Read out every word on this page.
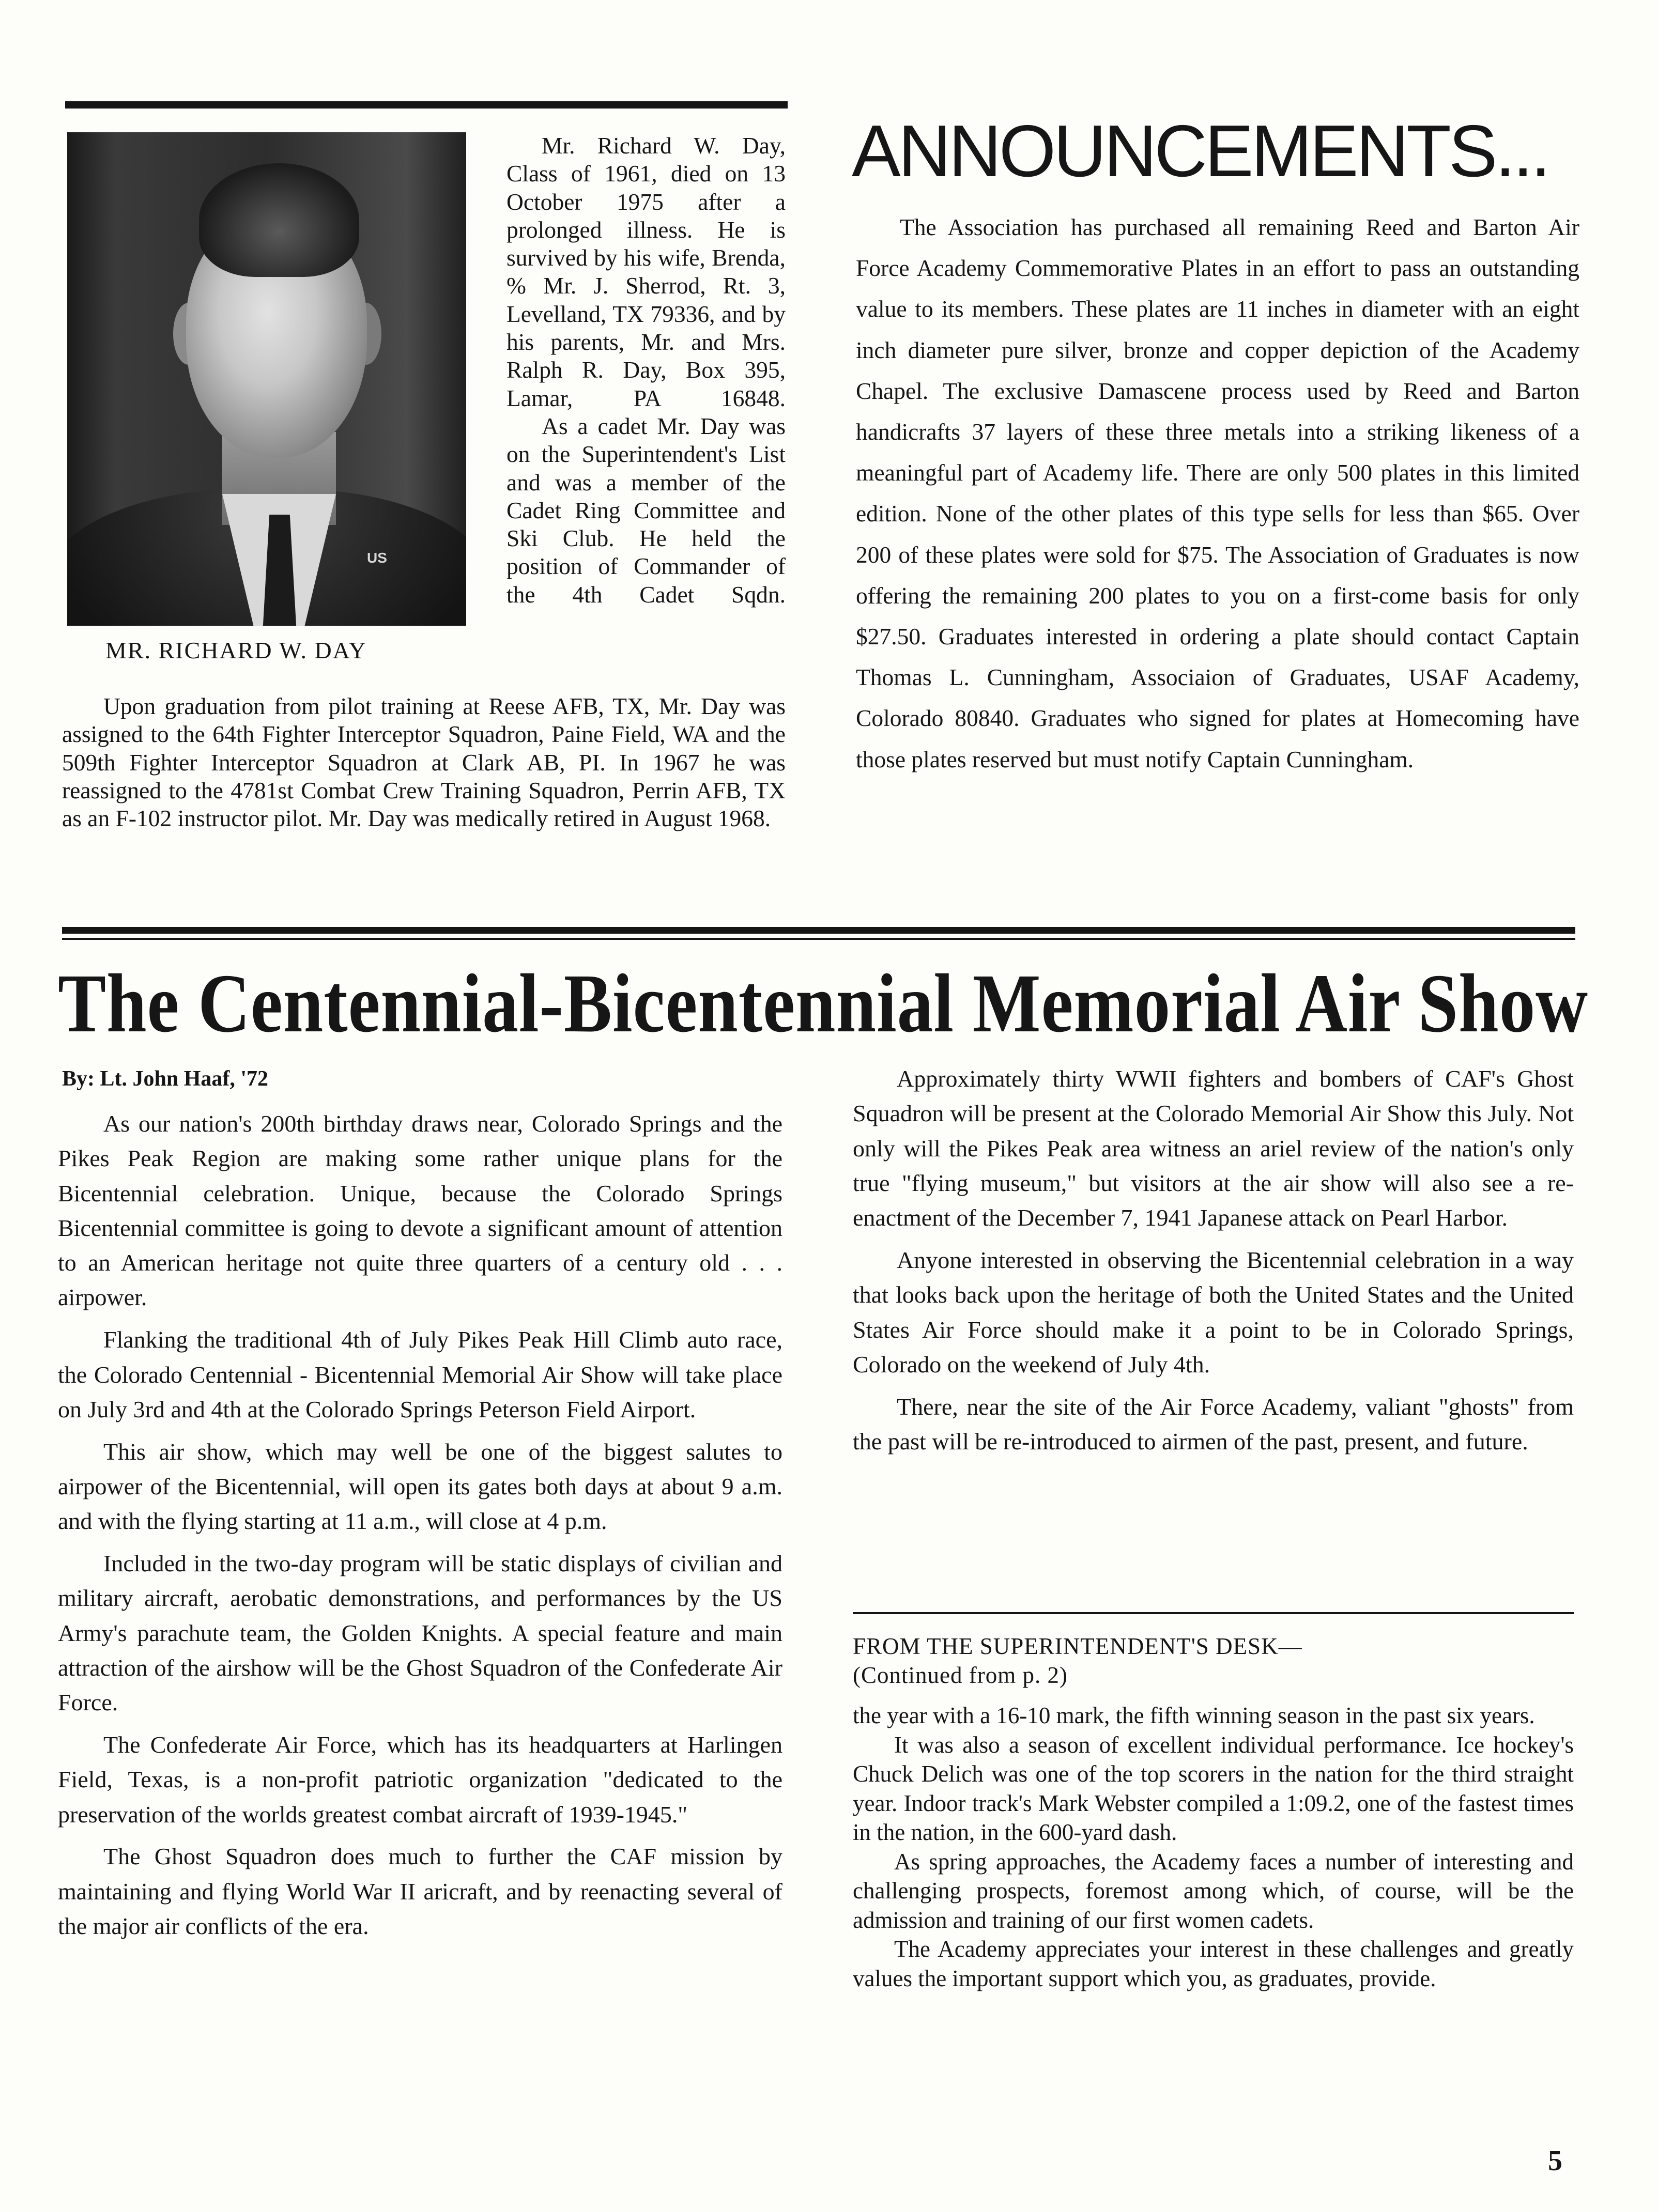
US
MR. RICHARD W. DAY

Mr. Richard W. Day, Class of 1961, died on 13 October 1975 after a prolonged illness. He is survived by his wife, Brenda, % Mr. J. Sherrod, Rt. 3, Levelland, TX 79336, and by his parents, Mr. and Mrs. Ralph R. Day, Box 395, Lamar, PA 16848.

As a cadet Mr. Day was on the Superintendent's List and was a member of the Cadet Ring Committee and Ski Club. He held the position of Commander of the 4th Cadet Sqdn.

Upon graduation from pilot training at Reese AFB, TX, Mr. Day was assigned to the 64th Fighter Interceptor Squadron, Paine Field, WA and the 509th Fighter Interceptor Squadron at Clark AB, PI. In 1967 he was reassigned to the 4781st Combat Crew Training Squadron, Perrin AFB, TX as an F-102 instructor pilot. Mr. Day was medically retired in August 1968.

ANNOUNCEMENTS...

The Association has purchased all remaining Reed and Barton Air Force Academy Commemorative Plates in an effort to pass an outstanding value to its members. These plates are 11 inches in diameter with an eight inch diameter pure silver, bronze and copper depiction of the Academy Chapel. The exclusive Damascene process used by Reed and Barton handicrafts 37 layers of these three metals into a striking likeness of a meaningful part of Academy life. There are only 500 plates in this limited edition. None of the other plates of this type sells for less than $65. Over 200 of these plates were sold for $75. The Association of Graduates is now offering the remaining 200 plates to you on a first-come basis for only $27.50. Graduates interested in ordering a plate should contact Captain Thomas L. Cunningham, Associaion of Graduates, USAF Academy, Colorado 80840. Graduates who signed for plates at Homecoming have those plates reserved but must notify Captain Cunningham.

The Centennial-Bicentennial Memorial Air Show
By: Lt. John Haaf, '72

As our nation's 200th birthday draws near, Colorado Springs and the Pikes Peak Region are making some rather unique plans for the Bicentennial celebration. Unique, because the Colorado Springs Bicentennial committee is going to devote a significant amount of attention to an American heritage not quite three quarters of a century old . . . airpower.

Flanking the traditional 4th of July Pikes Peak Hill Climb auto race, the Colorado Centennial - Bicentennial Memorial Air Show will take place on July 3rd and 4th at the Colorado Springs Peterson Field Airport.

This air show, which may well be one of the biggest salutes to airpower of the Bicentennial, will open its gates both days at about 9 a.m. and with the flying starting at 11 a.m., will close at 4 p.m.

Included in the two-day program will be static displays of civilian and military aircraft, aerobatic demonstrations, and performances by the US Army's parachute team, the Golden Knights. A special feature and main attraction of the airshow will be the Ghost Squadron of the Confederate Air Force.

The Confederate Air Force, which has its headquarters at Harlingen Field, Texas, is a non-profit patriotic organization "dedicated to the preservation of the worlds greatest combat aircraft of 1939-1945."

The Ghost Squadron does much to further the CAF mission by maintaining and flying World War II aricraft, and by reenacting several of the major air conflicts of the era.

Approximately thirty WWII fighters and bombers of CAF's Ghost Squadron will be present at the Colorado Memorial Air Show this July. Not only will the Pikes Peak area witness an ariel review of the nation's only true "flying museum," but visitors at the air show will also see a re-enactment of the December 7, 1941 Japanese attack on Pearl Harbor.

Anyone interested in observing the Bicentennial celebration in a way that looks back upon the heritage of both the United States and the United States Air Force should make it a point to be in Colorado Springs, Colorado on the weekend of July 4th.

There, near the site of the Air Force Academy, valiant "ghosts" from the past will be re-introduced to airmen of the past, present, and future.

FROM THE SUPERINTENDENT'S DESK—
(Continued from p. 2)

the year with a 16-10 mark, the fifth winning season in the past six years.

It was also a season of excellent individual performance. Ice hockey's Chuck Delich was one of the top scorers in the nation for the third straight year. Indoor track's Mark Webster compiled a 1:09.2, one of the fastest times in the nation, in the 600-yard dash.

As spring approaches, the Academy faces a number of interesting and challenging prospects, foremost among which, of course, will be the admission and training of our first women cadets.

The Academy appreciates your interest in these challenges and greatly values the important support which you, as graduates, provide.

5
